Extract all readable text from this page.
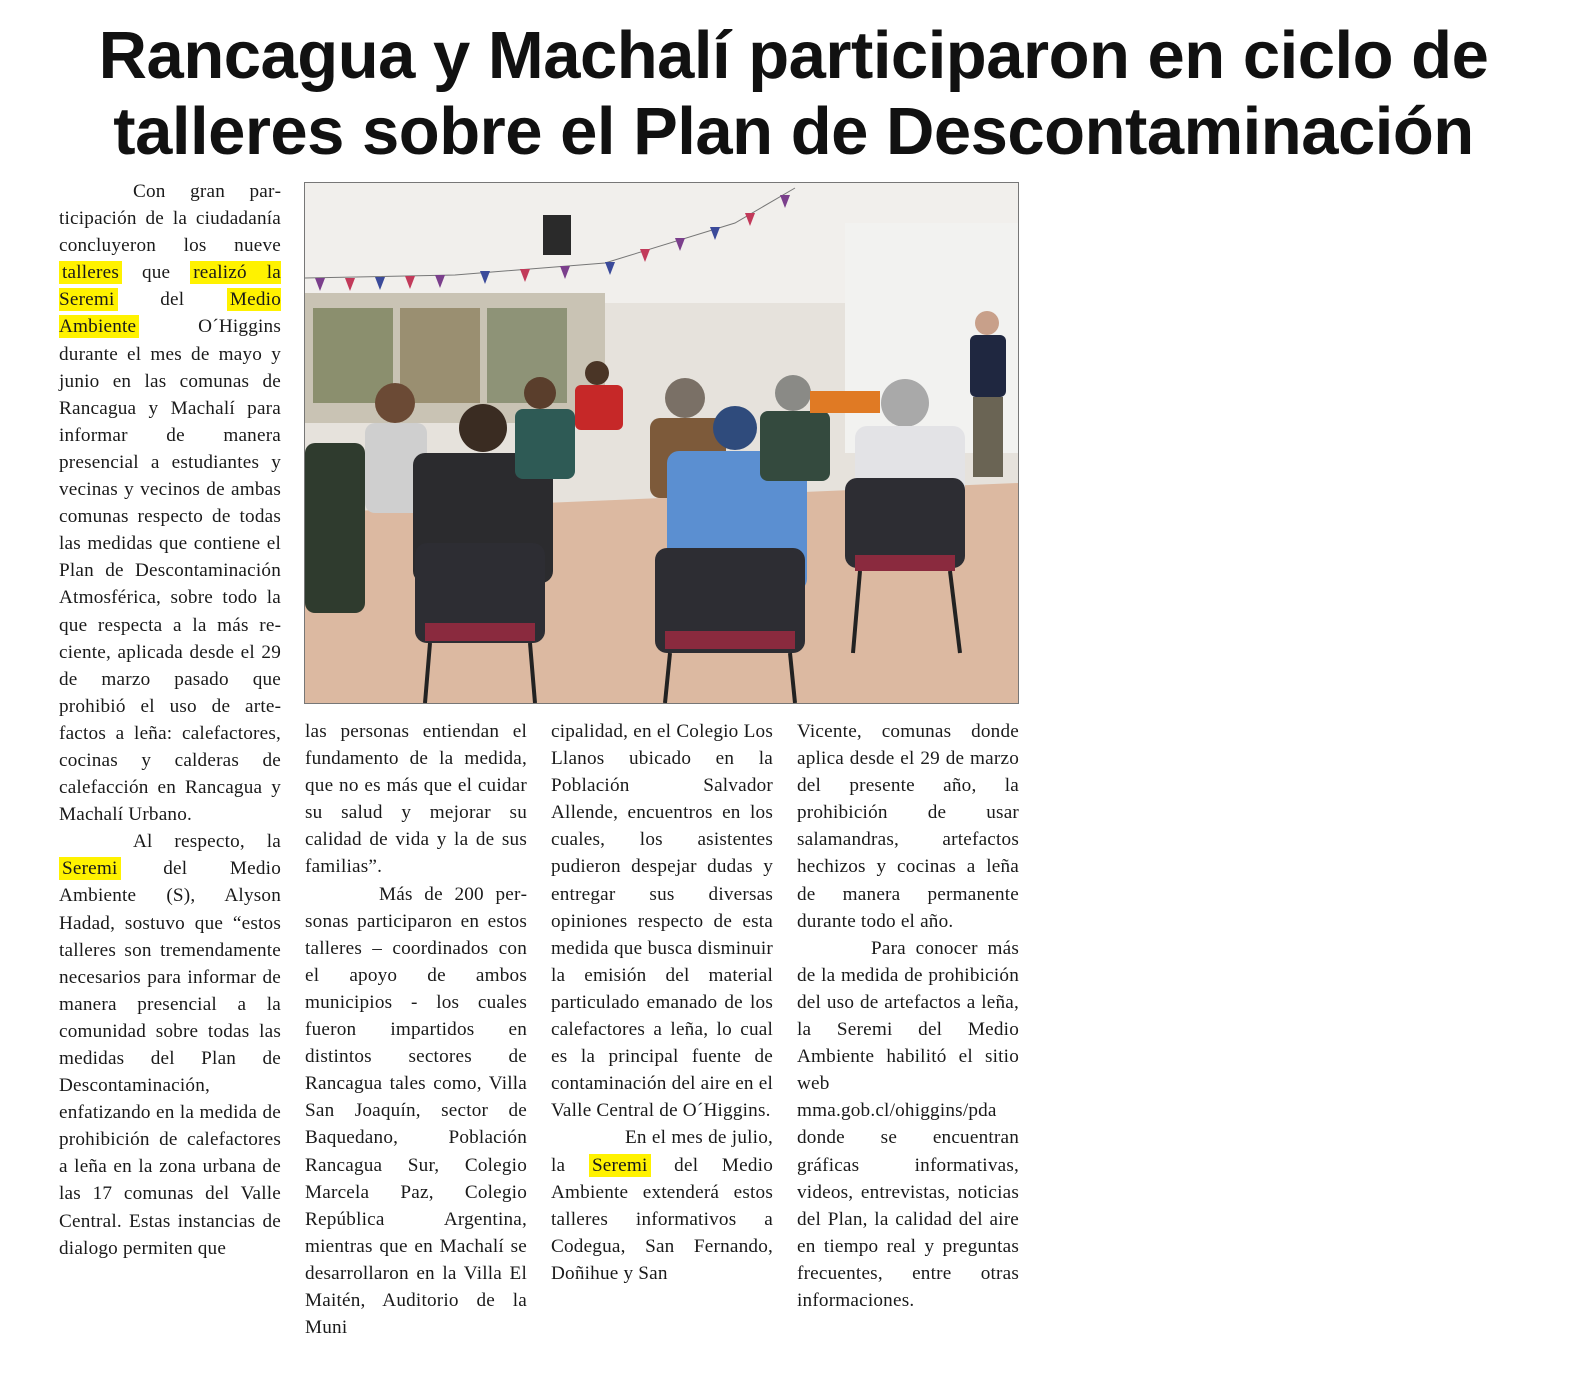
Rancagua y Machalí participaron en ciclo de
talleres sobre el Plan de Descontaminación

Con gran participación de la ciudadanía concluyeron los nueve talleres que realizó la Seremi del Medio Ambiente O´Higgins durante el mes de mayo y junio en las comunas de Rancagua y Machalí para informar de manera presencial a estudiantes y vecinas y vecinos de ambas comunas respecto de todas las medidas que contiene el Plan de Descontaminación Atmosférica, sobre todo la que respecta a la más reciente, aplicada desde el 29 de marzo pasado que prohibió el uso de artefactos a leña: calefactores, cocinas y calderas de calefacción en Rancagua y Machalí Urbano.

Al respecto, la Seremi del Medio Ambiente (S), Alyson Hadad, sostuvo que “estos talleres son tremendamente necesarios para informar de manera presencial a la comunidad sobre todas las medidas del Plan de Descontaminación, enfatizando en la medida de prohibición de calefactores a leña en la zona urbana de las 17 comunas del Valle Central. Estas instancias de dialogo permiten que

las personas entiendan el fundamento de la medida, que no es más que el cuidar su salud y mejorar su calidad de vida y la de sus familias”.

Más de 200 personas participaron en estos talleres – coordinados con el apoyo de ambos municipios - los cuales fueron impartidos en distintos sectores de Rancagua tales como, Villa San Joaquín, sector de Baquedano, Población Rancagua Sur, Colegio Marcela Paz, Colegio República Argentina, mientras que en Machalí se desarrollaron en la Villa El Maitén, Auditorio de la Muni

cipalidad, en el Colegio Los Llanos ubicado en la Población Salvador Allende, encuentros en los cuales, los asistentes pudieron despejar dudas y entregar sus diversas opiniones respecto de esta medida que busca disminuir la emisión del material particulado emanado de los calefactores a leña, lo cual es la principal fuente de contaminación del aire en el Valle Central de O´Higgins.

En el mes de julio, la Seremi del Medio Ambiente extenderá estos talleres informativos a Codegua, San Fernando, Doñihue y San

Vicente, comunas donde aplica desde el 29 de marzo del presente año, la prohibición de usar salamandras, artefactos hechizos y cocinas a leña de manera permanente durante todo el año.

Para conocer más de la medida de prohibición del uso de artefactos a leña, la Seremi del Medio Ambiente habilitó el sitio web mma.gob.cl/ohiggins/pda donde se encuentran gráficas informativas, videos, entrevistas, noticias del Plan, la calidad del aire en tiempo real y preguntas frecuentes, entre otras informaciones.
